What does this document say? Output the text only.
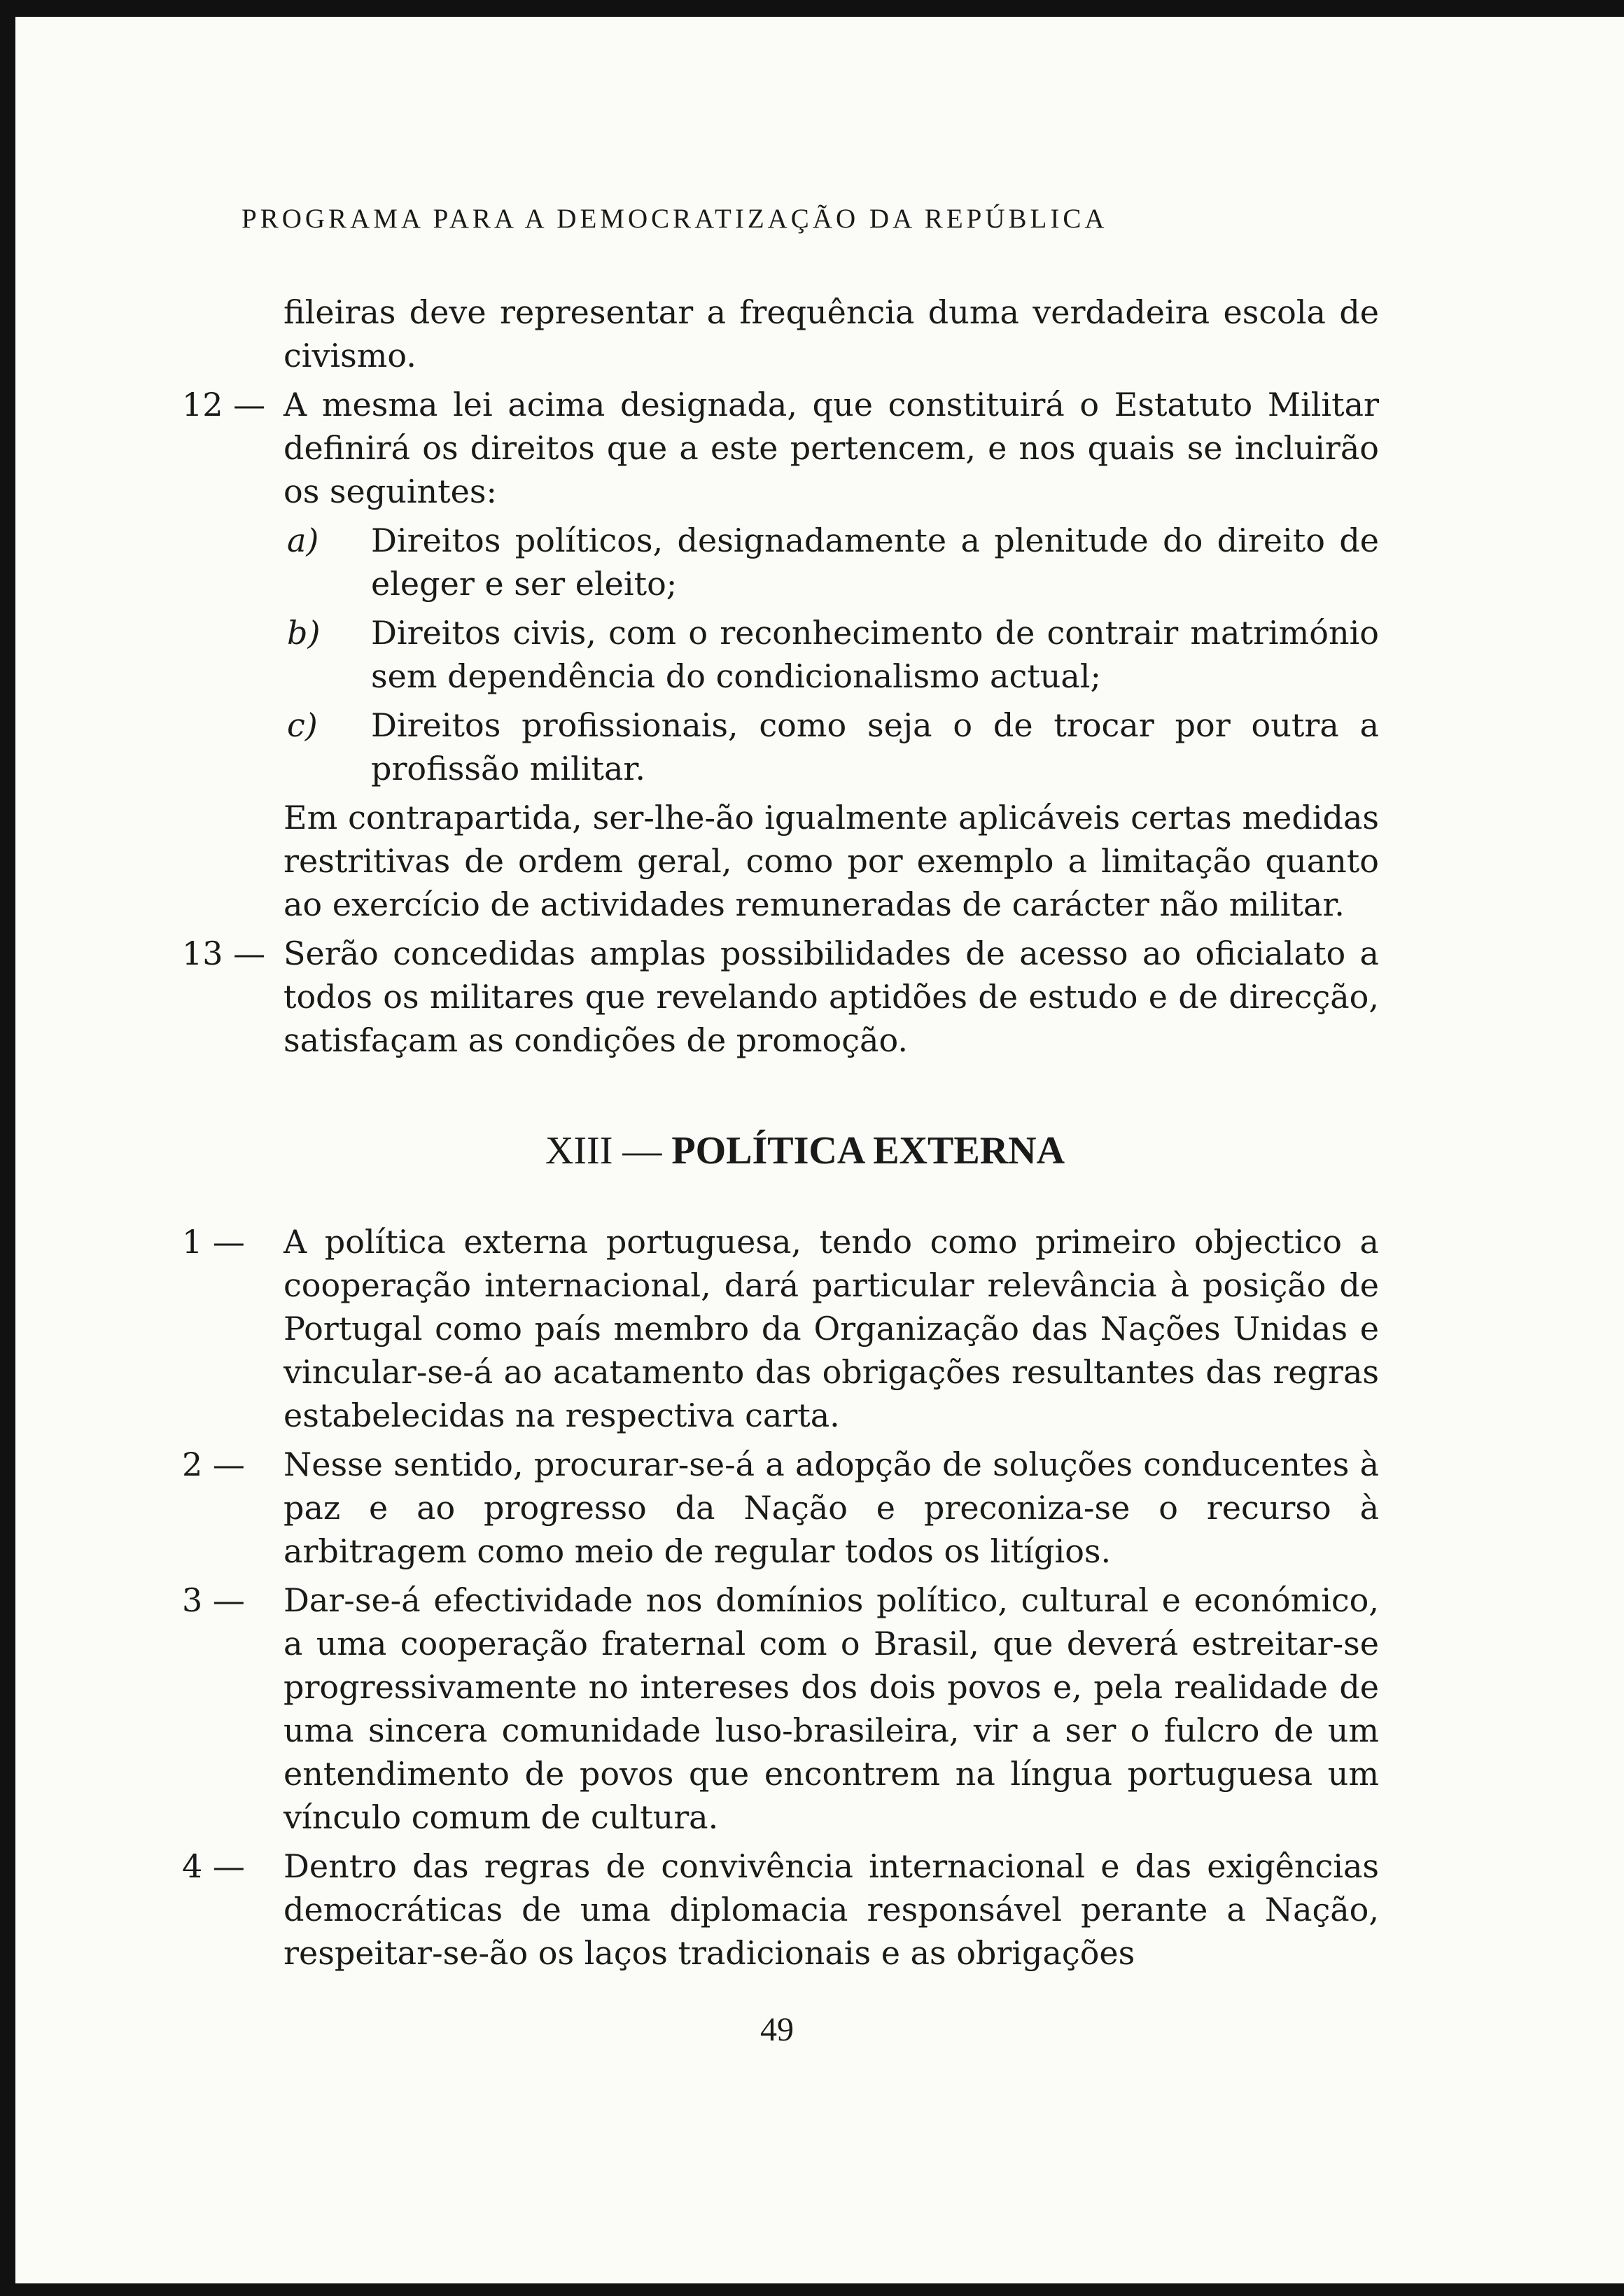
PROGRAMA PARA A DEMOCRATIZAÇÃO DA REPÚBLICA

fileiras deve representar a frequência duma verdadeira escola de civismo.

12 — A mesma lei acima designada, que constituirá o Estatuto Militar definirá os direitos que a este pertencem, e nos quais se incluirão os seguintes:
a) Direitos políticos, designadamente a plenitude do direito de eleger e ser eleito;
b) Direitos civis, com o reconhecimento de contrair matrimónio sem dependência do condicionalismo actual;
c) Direitos profissionais, como seja o de trocar por outra a profissão militar.

Em contrapartida, ser-lhe-ão igualmente aplicáveis certas medidas restritivas de ordem geral, como por exemplo a limitação quanto ao exercício de actividades remuneradas de carácter não militar.

13 — Serão concedidas amplas possibilidades de acesso ao oficialato a todos os militares que revelando aptidões de estudo e de direcção, satisfaçam as condições de promoção.
XIII — POLÍTICA EXTERNA
1 —	A política externa portuguesa, tendo como primeiro objectico a cooperação internacional, dará particular relevância à posição de Portugal como país membro da Organização das Nações Unidas e vincular-se-á ao acatamento das obrigações resultantes das regras estabelecidas na respectiva carta.
2 —	Nesse sentido, procurar-se-á a adopção de soluções conducentes à paz e ao progresso da Nação e preconiza-se o recurso à arbitragem como meio de regular todos os litígios.
3 —	Dar-se-á efectividade nos domínios político, cultural e económico, a uma cooperação fraternal com o Brasil, que deverá estreitar-se progressivamente no intereses dos dois povos e, pela realidade de uma sincera comunidade luso-brasileira, vir a ser o fulcro de um entendimento de povos que encontrem na língua portuguesa um vínculo comum de cultura.
4 —	Dentro das regras de convivência internacional e das exigências democráticas de uma diplomacia responsável perante a Nação, respeitar-se-ão os laços tradicionais e as obrigações
49
